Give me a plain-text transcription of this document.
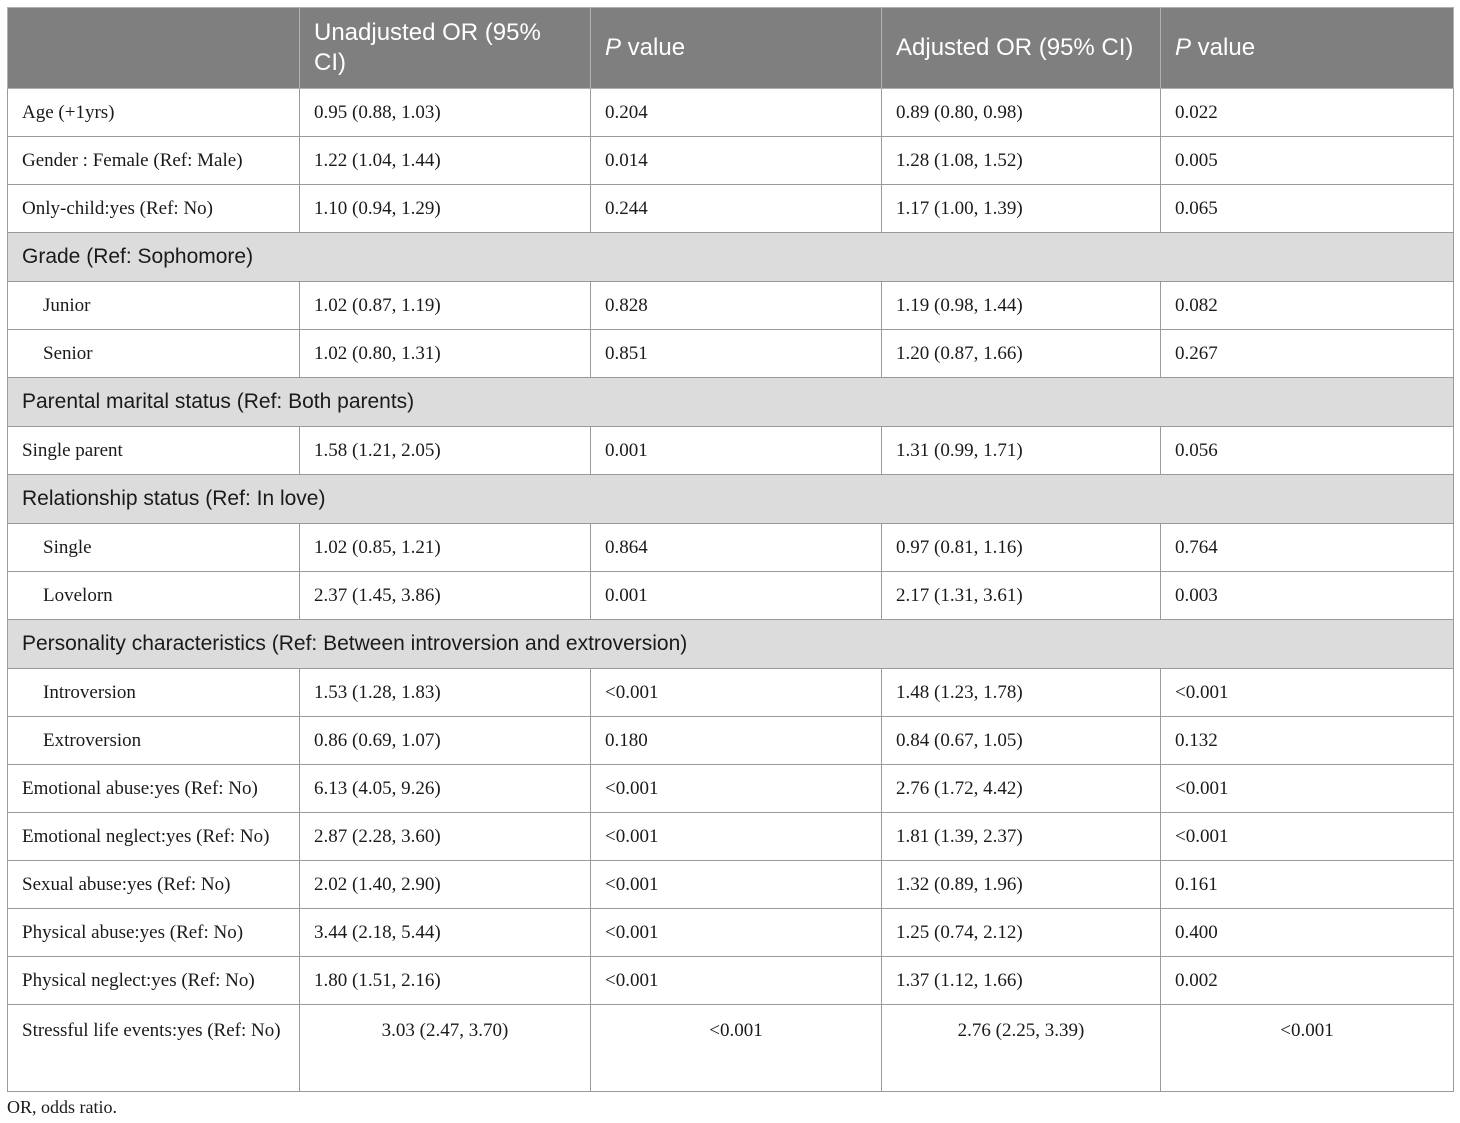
	Unadjusted OR (95% CI)	P value	Adjusted OR (95% CI)	P value
Age (+1yrs)	0.95 (0.88, 1.03)	0.204	0.89 (0.80, 0.98)	0.022
Gender : Female (Ref: Male)	1.22 (1.04, 1.44)	0.014	1.28 (1.08, 1.52)	0.005
Only-child:yes (Ref: No)	1.10 (0.94, 1.29)	0.244	1.17 (1.00, 1.39)	0.065
Grade (Ref: Sophomore)				
Junior	1.02 (0.87, 1.19)	0.828	1.19 (0.98, 1.44)	0.082
Senior	1.02 (0.80, 1.31)	0.851	1.20 (0.87, 1.66)	0.267
Parental marital status (Ref: Both parents)				
Single parent	1.58 (1.21, 2.05)	0.001	1.31 (0.99, 1.71)	0.056
Relationship status (Ref: In love)				
Single	1.02 (0.85, 1.21)	0.864	0.97 (0.81, 1.16)	0.764
Lovelorn	2.37 (1.45, 3.86)	0.001	2.17 (1.31, 3.61)	0.003
Personality characteristics (Ref: Between introversion and extroversion)				
Introversion	1.53 (1.28, 1.83)	<0.001	1.48 (1.23, 1.78)	<0.001
Extroversion	0.86 (0.69, 1.07)	0.180	0.84 (0.67, 1.05)	0.132
Emotional abuse:yes (Ref: No)	6.13 (4.05, 9.26)	<0.001	2.76 (1.72, 4.42)	<0.001
Emotional neglect:yes (Ref: No)	2.87 (2.28, 3.60)	<0.001	1.81 (1.39, 2.37)	<0.001
Sexual abuse:yes (Ref: No)	2.02 (1.40, 2.90)	<0.001	1.32 (0.89, 1.96)	0.161
Physical abuse:yes (Ref: No)	3.44 (2.18, 5.44)	<0.001	1.25 (0.74, 2.12)	0.400
Physical neglect:yes (Ref: No)	1.80 (1.51, 2.16)	<0.001	1.37 (1.12, 1.66)	0.002
Stressful life events:yes (Ref: No)	3.03 (2.47, 3.70)	<0.001	2.76 (2.25, 3.39)	<0.001
OR, odds ratio.
